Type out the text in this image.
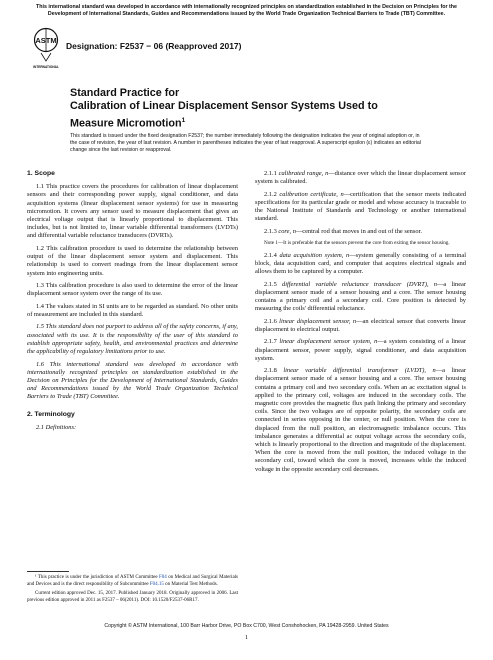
This international standard was developed in accordance with internationally recognized principles on standardization established in the Decision on Principles for the Development of International Standards, Guides and Recommendations issued by the World Trade Organization Technical Barriers to Trade (TBT) Committee.
ASTM
INTERNATIONAL
Designation: F2537 − 06 (Reapproved 2017)
Standard Practice for
Calibration of Linear Displacement Sensor Systems Used to
Measure Micromotion$^1$
This standard is issued under the fixed designation F2537; the number immediately following the designation indicates the year of original adoption or, in the case of revision, the year of last revision. A number in parentheses indicates the year of last reapproval. A superscript epsilon (ε) indicates an editorial change since the last revision or reapproval.

1. Scope

1.1 This practice covers the procedures for calibration of linear displacement sensors and their corresponding power supply, signal conditioner, and data acquisition systems (linear displacement sensor systems) for use in measuring micromotion. It covers any sensor used to measure displacement that gives an electrical voltage output that is linearly proportional to displacement. This includes, but is not limited to, linear variable differential transformers (LVDTs) and differential variable reluctance transducers (DVRTs).

1.2 This calibration procedure is used to determine the relationship between output of the linear displacement sensor system and displacement. This relationship is used to convert readings from the linear displacement sensor system into engineering units.

1.3 This calibration procedure is also used to determine the error of the linear displacement sensor system over the range of its use.

1.4 The values stated in SI units are to be regarded as standard. No other units of measurement are included in this standard.

1.5 This standard does not purport to address all of the safety concerns, if any, associated with its use. It is the responsibility of the user of this standard to establish appropriate safety, health, and environmental practices and determine the applicability of regulatory limitations prior to use.

1.6 This international standard was developed in accordance with internationally recognized principles on standardization established in the Decision on Principles for the Development of International Standards, Guides and Recommendations issued by the World Trade Organization Technical Barriers to Trade (TBT) Committee.

2. Terminology

2.1 Definitions:

¹ This practice is under the jurisdiction of ASTM Committee F04 on Medical and Surgical Materials and Devices and is the direct responsibility of Subcommittee F04.15 on Material Test Methods.

Current edition approved Dec. 15, 2017. Published January 2018. Originally approved in 2006. Last previous edition approved in 2011 as F2537 – 06(2011). DOI: 10.1520/F2537-06R17.

2.1.1 calibrated range, n—distance over which the linear displacement sensor system is calibrated.

2.1.2 calibration certificate, n—certification that the sensor meets indicated specifications for its particular grade or model and whose accuracy is traceable to the National Institute of Standards and Technology or another international standard.

2.1.3 core, n—central rod that moves in and out of the sensor.

Note 1—It is preferable that the sensors prevent the core from exiting the sensor housing.

2.1.4 data acquisition system, n—system generally consisting of a terminal block, data acquisition card, and computer that acquires electrical signals and allows them to be captured by a computer.

2.1.5 differential variable reluctance transducer (DVRT), n—a linear displacement sensor made of a sensor housing and a core. The sensor housing contains a primary coil and a secondary coil. Core position is detected by measuring the coils' differential reluctance.

2.1.6 linear displacement sensor, n—an electrical sensor that converts linear displacement to electrical output.

2.1.7 linear displacement sensor system, n—a system consisting of a linear displacement sensor, power supply, signal conditioner, and data acquisition system.

2.1.8 linear variable differential transformer (LVDT), n—a linear displacement sensor made of a sensor housing and a core. The sensor housing contains a primary coil and two secondary coils. When an ac excitation signal is applied to the primary coil, voltages are induced in the secondary coils. The magnetic core provides the magnetic flux path linking the primary and secondary coils. Since the two voltages are of opposite polarity, the secondary coils are connected in series opposing in the center, or null position. When the core is displaced from the null position, an electromagnetic imbalance occurs. This imbalance generates a differential ac output voltage across the secondary coils, which is linearly proportional to the direction and magnitude of the displacement. When the core is moved from the null position, the induced voltage in the secondary coil, toward which the core is moved, increases while the induced voltage in the opposite secondary coil decreases.

Copyright © ASTM International, 100 Barr Harbor Drive, PO Box C700, West Conshohocken, PA 19428-2959. United States
1
